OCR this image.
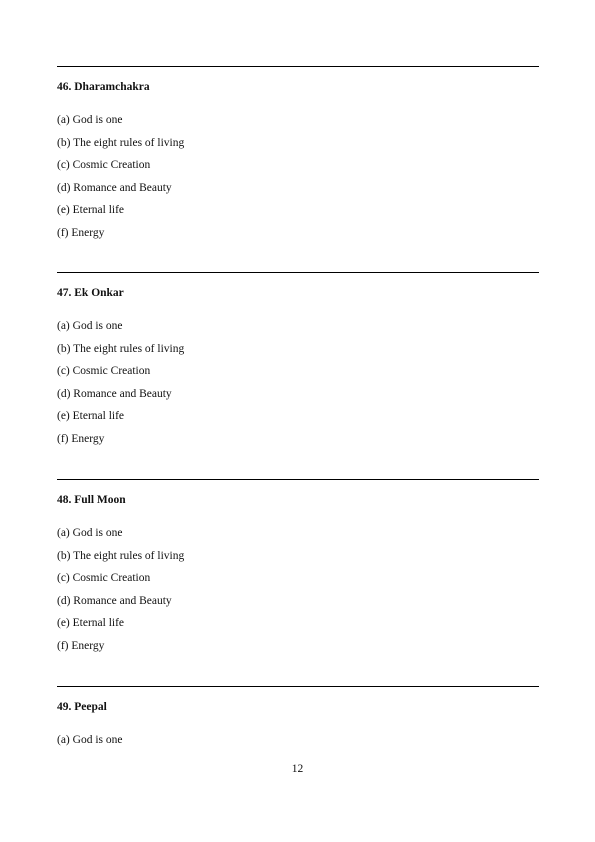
46. Dharamchakra
(a) God is one
(b) The eight rules of living
(c) Cosmic Creation
(d) Romance and Beauty
(e) Eternal life
(f) Energy
47. Ek Onkar
(a) God is one
(b) The eight rules of living
(c) Cosmic Creation
(d) Romance and Beauty
(e) Eternal life
(f) Energy
48. Full Moon
(a) God is one
(b) The eight rules of living
(c) Cosmic Creation
(d) Romance and Beauty
(e) Eternal life
(f) Energy
49. Peepal
(a) God is one
12
